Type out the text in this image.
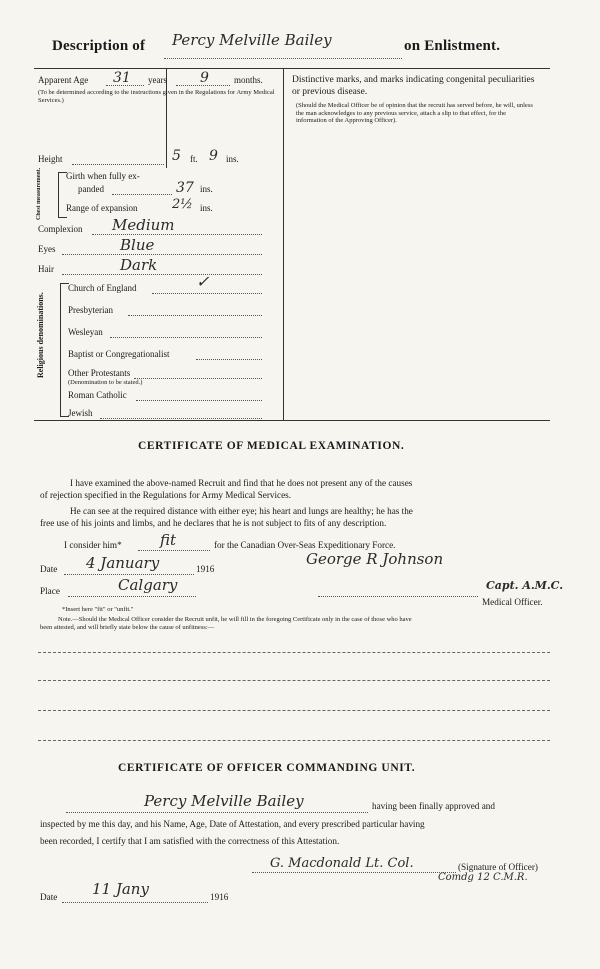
Description of Percy Melville Bailey	on Enlistment.
Apparent Age 31 years 9	months.
(To be determined according to the instructions given in the Regulations for Army Medical Services.)
Height	5 ft. 9 ins.
Chest measurement.	Girth when fully ex-
panded	37 ins.
Range of expansion	2½ ins.
Complexion Medium
Eyes	Blue
Hair	Dark
Religious denominations.
Church of England	✓
Presbyterian
Wesleyan
Baptist or Congregationalist
Other Protestants
(Denomination to be stated.)
Roman Catholic
Jewish
Distinctive marks, and marks indicating congenital peculiarities or previous disease.
(Should the Medical Officer be of opinion that the recruit has served before, he will, unless the man acknowledges to any previous service, attach a slip to that effect, for the information of the Approving Officer).
CERTIFICATE OF MEDICAL EXAMINATION.
I have examined the above-named Recruit and find that he does not present any of the causes
of rejection specified in the Regulations for Army Medical Services.
He can see at the required distance with either eye; his heart and lungs are healthy; he has the
free use of his joints and limbs, and he declares that he is not subject to fits of any description.
I consider him*	fit	for the Canadian Over-Seas Expeditionary Force.
Date 4 January	1916
George R Johnson
Capt. A.M.C.
Place	Calgary
Medical Officer.
*Insert here "fit" or "unfit."
Note.—Should the Medical Officer consider the Recruit unfit, he will fill in the foregoing Certificate only in the case of those who have
been attested, and will briefly state below the cause of unfitness:—
CERTIFICATE OF OFFICER COMMANDING UNIT.
Percy Melville Bailey	having been finally approved and
inspected by me this day, and his Name, Age, Date of Attestation, and every prescribed particular having
been recorded, I certify that I am satisfied with the correctness of this Attestation.
G. Macdonald Lt. Col.	(Signature of Officer)
Comdg 12 C.M.R.
Date 11 Jany	1916
